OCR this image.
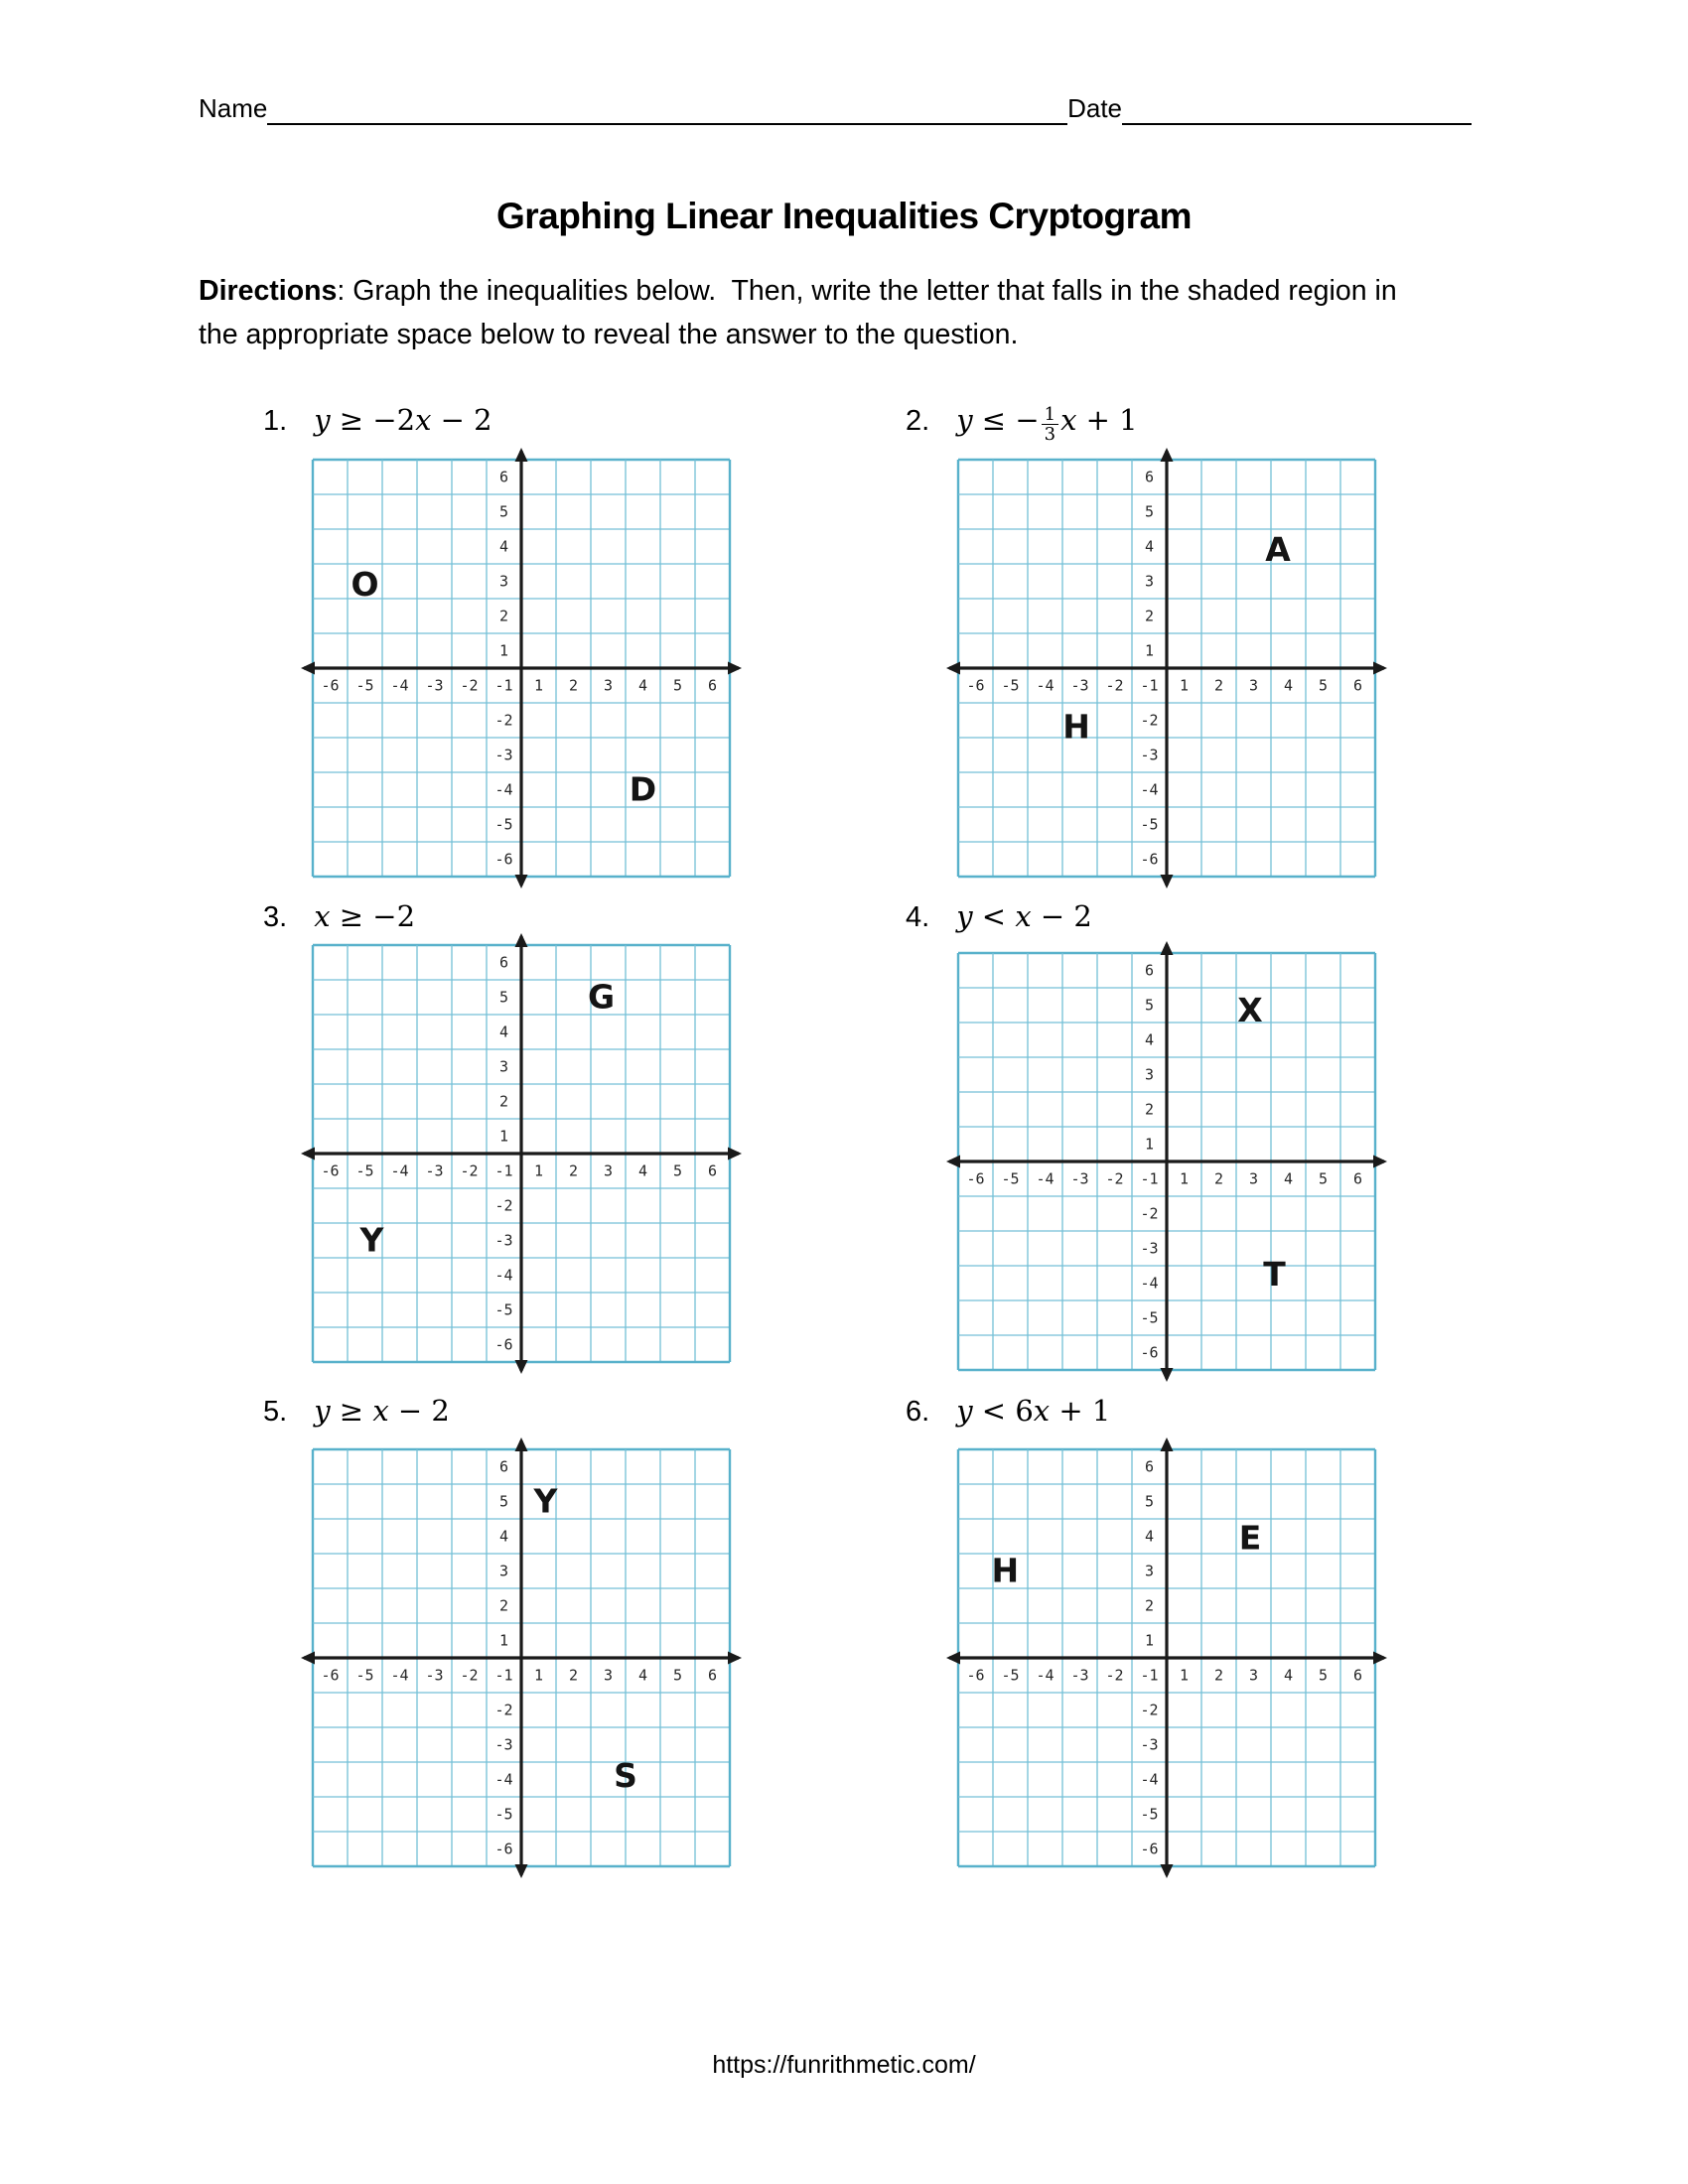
Name	Date
Graphing Linear Inequalities Cryptogram

Directions: Graph the inequalities below.  Then, write the letter that falls in the shaded region in the appropriate space below to reveal the answer to the question.

1. y ≥ −2 x − 2
-6 -5 -4 -3 -2 -1 1 2 3 4 5 6
6
5
4
3
2
1
-2
-3
-4
-5
-6
O
D
2. y ≤ − $\frac{1}{3}$ x + 1
-6 -5 -4 -3 -2 -1 1 2 3 4 5 6
6
5
4
3
2
1
-2
-3
-4
-5
-6
A
H
3. x ≥ −2
-6 -5 -4 -3 -2 -1 1 2 3 4 5 6
6
5
4
3
2
1
-2
-3
-4
-5
-6
G
Y
4. y < x − 2
-6 -5 -4 -3 -2 -1 1 2 3 4 5 6
6
5
4
3
2
1
-2
-3
-4
-5
-6
X
T
5. y ≥ x − 2
-6 -5 -4 -3 -2 -1 1 2 3 4 5 6
6
5
4
3
2
1
-2
-3
-4
-5
-6
Y
S
6. y < 6 x + 1
-6 -5 -4 -3 -2 -1 1 2 3 4 5 6
6
5
4
3
2
1
-2
-3
-4
-5
-6
E
H
https://funrithmetic.com/
